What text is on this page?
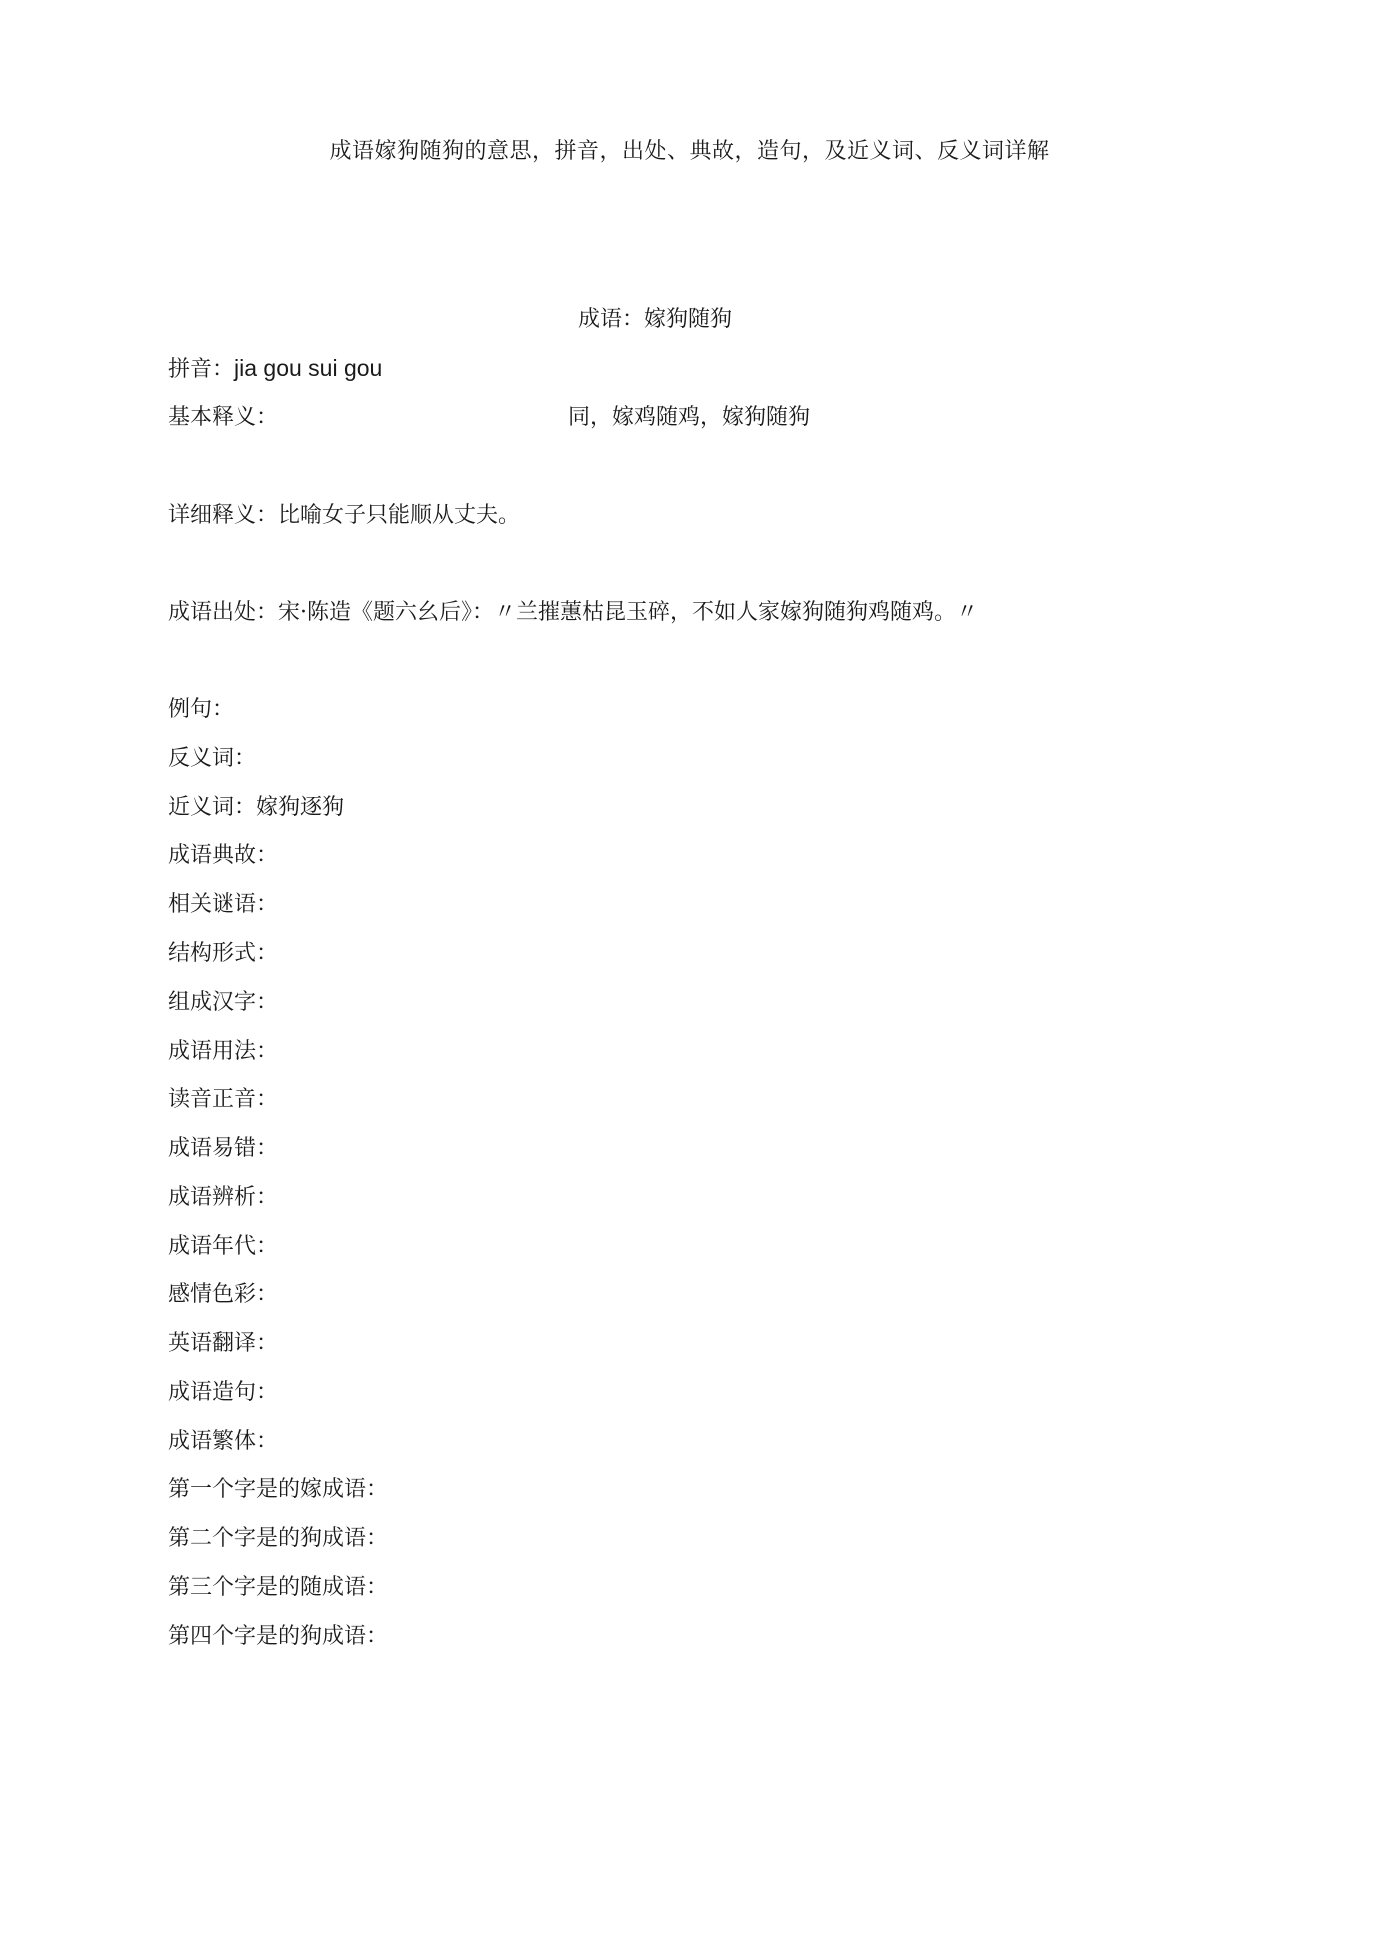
成语嫁狗随狗的意思，拼音，出处、典故，造句，及近义词、反义词详解
成语：嫁狗随狗
拼音：jia gou sui gou
基本释义：	同，嫁鸡随鸡，嫁狗随狗
详细释义：比喻女子只能顺从丈夫。
成语出处：宋·陈造《题六幺后》：〃兰摧蕙枯昆玉碎，不如人家嫁狗随狗鸡随鸡。〃
例句：
反义词：
近义词：嫁狗逐狗
成语典故：
相关谜语：
结构形式：
组成汉字：
成语用法：
读音正音：
成语易错：
成语辨析：
成语年代：
感情色彩：
英语翻译：
成语造句：
成语繁体：
第一个字是的嫁成语：
第二个字是的狗成语：
第三个字是的随成语：
第四个字是的狗成语：
